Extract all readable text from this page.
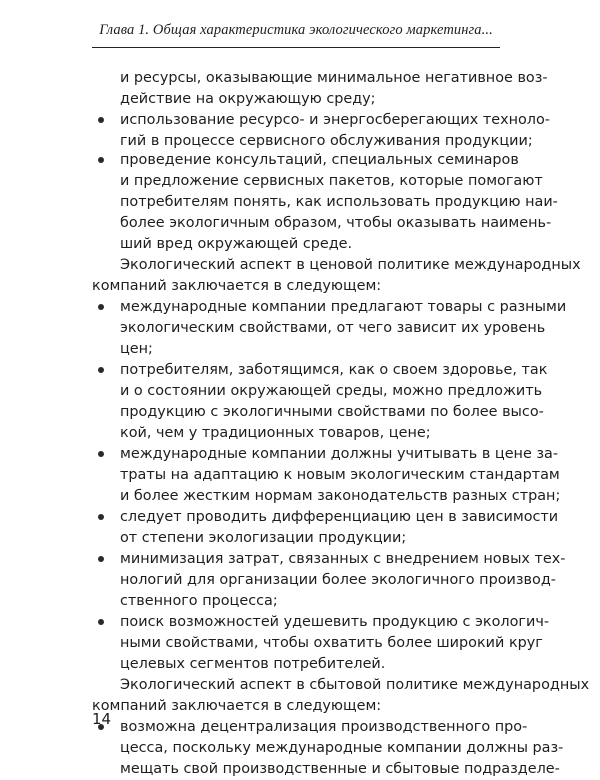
Глава 1. Общая характеристика экологического маркетинга...
и ресурсы, оказывающие минимальное негативное воз-
действие на окружающую среду;
использование ресурсо- и энергосберегающих техноло-
гий в процессе сервисного обслуживания продукции;
проведение консультаций, специальных семинаров
и предложение сервисных пакетов, которые помогают
потребителям понять, как использовать продукцию наи-
более экологичным образом, чтобы оказывать наимень-
ший вред окружающей среде.
Экологический аспект в ценовой политике международных
компаний заключается в следующем:
международные компании предлагают товары с разными
экологическим свойствами, от чего зависит их уровень
цен;
потребителям, заботящимся, как о своем здоровье, так
и о состоянии окружающей среды, можно предложить
продукцию с экологичными свойствами по более высо-
кой, чем у традиционных товаров, цене;
международные компании должны учитывать в цене за-
траты на адаптацию к новым экологическим стандартам
и более жестким нормам законодательств разных стран;
следует проводить дифференциацию цен в зависимости
от степени экологизации продукции;
минимизация затрат, связанных с внедрением новых тех-
нологий для организации более экологичного производ-
ственного процесса;
поиск возможностей удешевить продукцию с экологич-
ными свойствами, чтобы охватить более широкий круг
целевых сегментов потребителей.
Экологический аспект в сбытовой политике международных
компаний заключается в следующем:
возможна децентрализация производственного про-
цесса, поскольку международные компании должны раз-
мещать свой производственные и сбытовые подразделе-
14
